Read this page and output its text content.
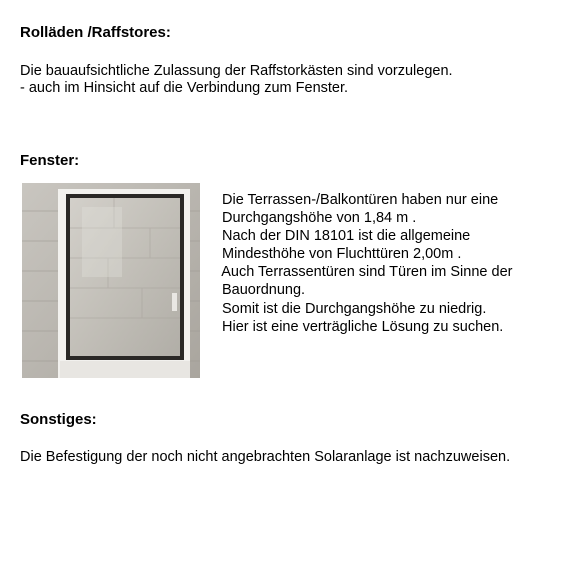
Rolläden /Raffstores:
Die bauaufsichtliche Zulassung der Raffstorkästen sind vorzulegen.
- auch im Hinsicht auf die Verbindung zum Fenster.
Fenster:
Die Terrassen-/Balkontüren haben nur eine
Durchgangshöhe von 1,84 m .
Nach der DIN 18101 ist die allgemeine
Mindesthöhe von Fluchttüren 2,00m .
Auch Terrassentüren sind Türen im Sinne der
Bauordnung.
Somit ist die Durchgangshöhe zu niedrig.
Hier ist eine verträgliche Lösung zu suchen.
Sonstiges:
Die Befestigung der noch nicht angebrachten Solaranlage ist nachzuweisen.
